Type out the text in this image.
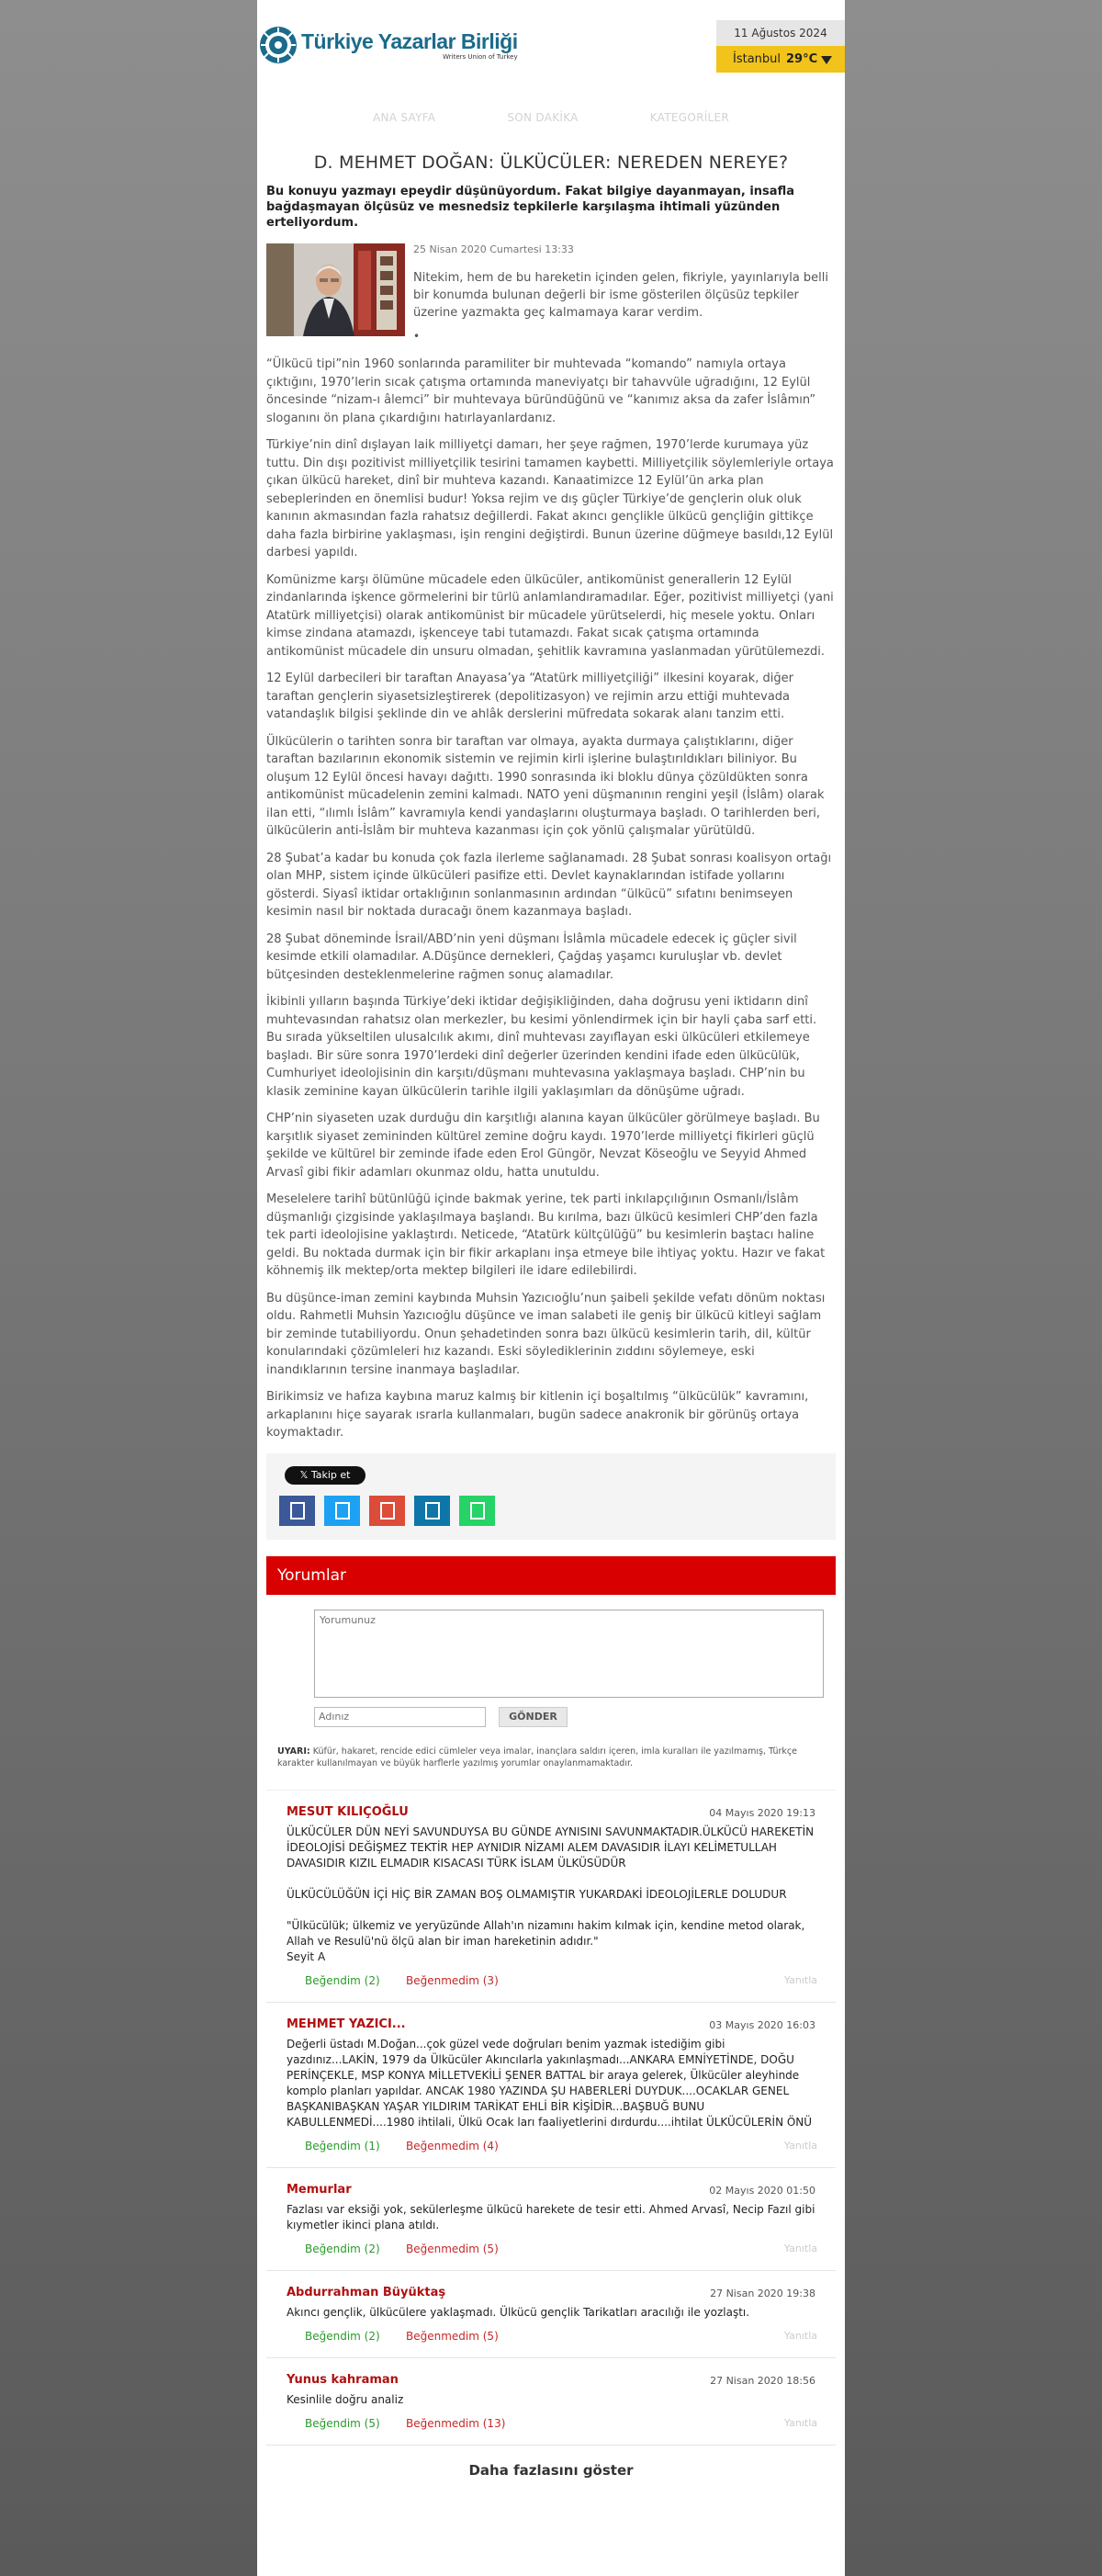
Türkiye Yazarlar Birliği
Writers Union of Turkey
11 Ağustos 2024
İstanbul 29°C
ANA SAYFA	SON DAKİKA	KATEGORİLER
D. MEHMET DOĞAN: ÜLKÜCÜLER: NEREDEN NEREYE?

Bu konuyu yazmayı epeydir düşünüyordum. Fakat bilgiye dayanmayan, insafla bağdaşmayan ölçüsüz ve mesnedsiz tepkilerle karşılaşma ihtimali yüzünden erteliyordum.

25 Nisan 2020 Cumartesi 13:33

Nitekim, hem de bu hareketin içinden gelen, fikriyle, yayınlarıyla belli bir konumda bulunan değerli bir isme gösterilen ölçüsüz tepkiler üzerine yazmakta geç kalmamaya karar verdim.

•

“Ülkücü tipi”nin 1960 sonlarında paramiliter bir muhtevada “komando” namıyla ortaya çıktığını, 1970’lerin sıcak çatışma ortamında maneviyatçı bir tahavvüle uğradığını, 12 Eylül öncesinde “nizam-ı âlemci” bir muhtevaya büründüğünü ve “kanımız aksa da zafer İslâmın” sloganını ön plana çıkardığını hatırlayanlardanız.

Türkiye’nin dinî dışlayan laik milliyetçi damarı, her şeye rağmen, 1970’lerde kurumaya yüz tuttu. Din dışı pozitivist milliyetçilik tesirini tamamen kaybetti. Milliyetçilik söylemleriyle ortaya çıkan ülkücü hareket, dinî bir muhteva kazandı. Kanaatimizce 12 Eylül’ün arka plan sebeplerinden en önemlisi budur! Yoksa rejim ve dış güçler Türkiye’de gençlerin oluk oluk kanının akmasından fazla rahatsız değillerdi. Fakat akıncı gençlikle ülkücü gençliğin gittikçe daha fazla birbirine yaklaşması, işin rengini değiştirdi. Bunun üzerine düğmeye basıldı,12 Eylül darbesi yapıldı.

Komünizme karşı ölümüne mücadele eden ülkücüler, antikomünist generallerin 12 Eylül zindanlarında işkence görmelerini bir türlü anlamlandıramadılar. Eğer, pozitivist milliyetçi (yani Atatürk milliyetçisi) olarak antikomünist bir mücadele yürütselerdi, hiç mesele yoktu. Onları kimse zindana atamazdı, işkenceye tabi tutamazdı. Fakat sıcak çatışma ortamında antikomünist mücadele din unsuru olmadan, şehitlik kavramına yaslanmadan yürütülemezdi.

12 Eylül darbecileri bir taraftan Anayasa’ya “Atatürk milliyetçiliği” ilkesini koyarak, diğer taraftan gençlerin siyasetsizleştirerek (depolitizasyon) ve rejimin arzu ettiği muhtevada vatandaşlık bilgisi şeklinde din ve ahlâk derslerini müfredata sokarak alanı tanzim etti.

Ülkücülerin o tarihten sonra bir taraftan var olmaya, ayakta durmaya çalıştıklarını, diğer taraftan bazılarının ekonomik sistemin ve rejimin kirli işlerine bulaştırıldıkları biliniyor. Bu oluşum 12 Eylül öncesi havayı dağıttı. 1990 sonrasında iki bloklu dünya çözüldükten sonra antikomünist mücadelenin zemini kalmadı. NATO yeni düşmanının rengini yeşil (İslâm) olarak ilan etti, “ılımlı İslâm” kavramıyla kendi yandaşlarını oluşturmaya başladı. O tarihlerden beri, ülkücülerin anti-İslâm bir muhteva kazanması için çok yönlü çalışmalar yürütüldü.

28 Şubat’a kadar bu konuda çok fazla ilerleme sağlanamadı. 28 Şubat sonrası koalisyon ortağı olan MHP, sistem içinde ülkücüleri pasifize etti. Devlet kaynaklarından istifade yollarını gösterdi. Siyasî iktidar ortaklığının sonlanmasının ardından “ülkücü” sıfatını benimseyen kesimin nasıl bir noktada duracağı önem kazanmaya başladı.

28 Şubat döneminde İsrail/ABD’nin yeni düşmanı İslâmla mücadele edecek iç güçler sivil kesimde etkili olamadılar. A.Düşünce dernekleri, Çağdaş yaşamcı kuruluşlar vb. devlet bütçesinden desteklenmelerine rağmen sonuç alamadılar.

İkibinli yılların başında Türkiye’deki iktidar değişikliğinden, daha doğrusu yeni iktidarın dinî muhtevasından rahatsız olan merkezler, bu kesimi yönlendirmek için bir hayli çaba sarf etti. Bu sırada yükseltilen ulusalcılık akımı, dinî muhtevası zayıflayan eski ülkücüleri etkilemeye başladı. Bir süre sonra 1970’lerdeki dinî değerler üzerinden kendini ifade eden ülkücülük, Cumhuriyet ideolojisinin din karşıtı/düşmanı muhtevasına yaklaşmaya başladı. CHP’nin bu klasik zeminine kayan ülkücülerin tarihle ilgili yaklaşımları da dönüşüme uğradı.

CHP’nin siyaseten uzak durduğu din karşıtlığı alanına kayan ülkücüler görülmeye başladı. Bu karşıtlık siyaset zemininden kültürel zemine doğru kaydı. 1970’lerde milliyetçi fikirleri güçlü şekilde ve kültürel bir zeminde ifade eden Erol Güngör, Nevzat Köseoğlu ve Seyyid Ahmed Arvasî gibi fikir adamları okunmaz oldu, hatta unutuldu.

Meselelere tarihî bütünlüğü içinde bakmak yerine, tek parti inkılapçılığının Osmanlı/İslâm düşmanlığı çizgisinde yaklaşılmaya başlandı. Bu kırılma, bazı ülkücü kesimleri CHP’den fazla tek parti ideolojisine yaklaştırdı. Neticede, “Atatürk kültçülüğü” bu kesimlerin baştacı haline geldi. Bu noktada durmak için bir fikir arkaplanı inşa etmeye bile ihtiyaç yoktu. Hazır ve fakat köhnemiş ilk mektep/orta mektep bilgileri ile idare edilebilirdi.

Bu düşünce-iman zemini kaybında Muhsin Yazıcıoğlu’nun şaibeli şekilde vefatı dönüm noktası oldu. Rahmetli Muhsin Yazıcıoğlu düşünce ve iman salabeti ile geniş bir ülkücü kitleyi sağlam bir zeminde tutabiliyordu. Onun şehadetinden sonra bazı ülkücü kesimlerin tarih, dil, kültür konularındaki çözümleleri hız kazandı. Eski söylediklerinin zıddını söylemeye, eski inandıklarının tersine inanmaya başladılar.

Birikimsiz ve hafıza kaybına maruz kalmış bir kitlenin içi boşaltılmış “ülkücülük” kavramını, arkaplanını hiçe sayarak ısrarla kullanmaları, bugün sadece anakronik bir görünüş ortaya koymaktadır.

𝕏 Takip et
Yorumlar
Yorumunuz
Adınız
GÖNDER

UYARI: Küfür, hakaret, rencide edici cümleler veya imalar, inançlara saldırı içeren, imla kuralları ile yazılmamış, Türkçe karakter kullanılmayan ve büyük harflerle yazılmış yorumlar onaylanmamaktadır.

MESUT KILIÇOĞLU	04 Mayıs 2020 19:13
ÜLKÜCÜLER DÜN NEYİ SAVUNDUYSA BU GÜNDE AYNISINI SAVUNMAKTADIR.ÜLKÜCÜ HAREKETİN İDEOLOJİSİ DEĞİŞMEZ TEKTİR HEP AYNIDIR NİZAMI ALEM DAVASIDIR İLAYI KELİMETULLAH DAVASIDIR KIZIL ELMADIR KISACASI TÜRK İSLAM ÜLKÜSÜDÜR

ÜLKÜCÜLÜĞÜN İÇİ HİÇ BİR ZAMAN BOŞ OLMAMIŞTIR YUKARDAKİ İDEOLOJİLERLE DOLUDUR

"Ülkücülük; ülkemiz ve yeryüzünde Allah'ın nizamını hakim kılmak için, kendine metod olarak, Allah ve Resulü'nü ölçü alan bir iman hareketinin adıdır."
Seyit A
Beğendim (2) Beğenmedim (3)	Yanıtla
MEHMET YAZICI...	03 Mayıs 2020 16:03
Değerli üstadı M.Doğan...çok güzel vede doğruları benim yazmak istediğim gibi yazdınız...LAKİN, 1979 da Ülkücüler Akıncılarla yakınlaşmadı...ANKARA EMNİYETİNDE, DOĞU PERİNÇEKLE, MSP KONYA MİLLETVEKİLİ ŞENER BATTAL bir araya gelerek, Ülkücüler aleyhinde komplo planları yapıldar. ANCAK 1980 YAZINDA ŞU HABERLERİ DUYDUK....OCAKLAR GENEL BAŞKANIBAŞKAN YAŞAR YILDIRIM TARİKAT EHLİ BİR KİŞİDİR...BAŞBUĞ BUNU KABULLENMEDİ....1980 ihtilali, Ülkü Ocak ları faaliyetlerini dırdurdu....ihtilat ÜLKÜCÜLERİN ÖNÜ
Beğendim (1) Beğenmedim (4)	Yanıtla
Memurlar	02 Mayıs 2020 01:50
Fazlası var eksiği yok, sekülerleşme ülkücü harekete de tesir etti. Ahmed Arvasî, Necip Fazıl gibi kıymetler ikinci plana atıldı.
Beğendim (2) Beğenmedim (5)	Yanıtla
Abdurrahman Büyüktaş	27 Nisan 2020 19:38
Akıncı gençlik, ülkücülere yaklaşmadı. Ülkücü gençlik Tarikatları aracılığı ile yozlaştı.
Beğendim (2) Beğenmedim (5)	Yanıtla
Yunus kahraman	27 Nisan 2020 18:56
Kesinlile doğru analiz
Beğendim (5) Beğenmedim (13)	Yanıtla
Daha fazlasını göster
